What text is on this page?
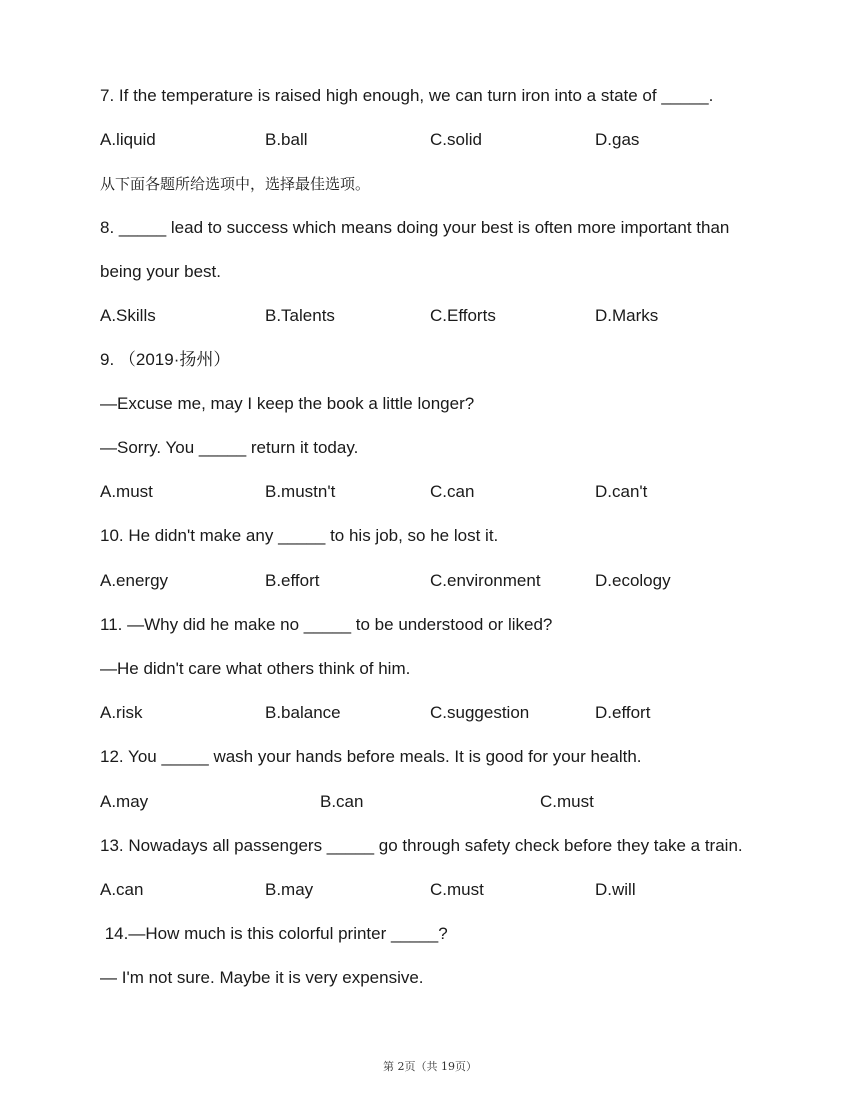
7. If the temperature is raised high enough, we can turn iron into a state of _____.
A.liquid	B.ball	C.solid	D.gas
从下面各题所给选项中，选择最佳选项。
8. _____ lead to success which means doing your best is often more important than
being your best.
A.Skills	B.Talents	C.Efforts	D.Marks
9. （2019·扬州）
—Excuse me, may I keep the book a little longer?
—Sorry. You _____ return it today.
A.must	B.mustn't	C.can	D.can't
10. He didn't make any _____ to his job, so he lost it.
A.energy	B.effort	C.environment	D.ecology
11. —Why did he make no _____ to be understood or liked?
—He didn't care what others think of him.
A.risk	B.balance	C.suggestion	D.effort
12. You _____ wash your hands before meals. It is good for your health.
A.may	B.can	C.must
13. Nowadays all passengers _____ go through safety check before they take a train.
A.can	B.may	C.must	D.will
14.—How much is this colorful printer _____?
— I'm not sure. Maybe it is very expensive.
第 2页（共 19页）
